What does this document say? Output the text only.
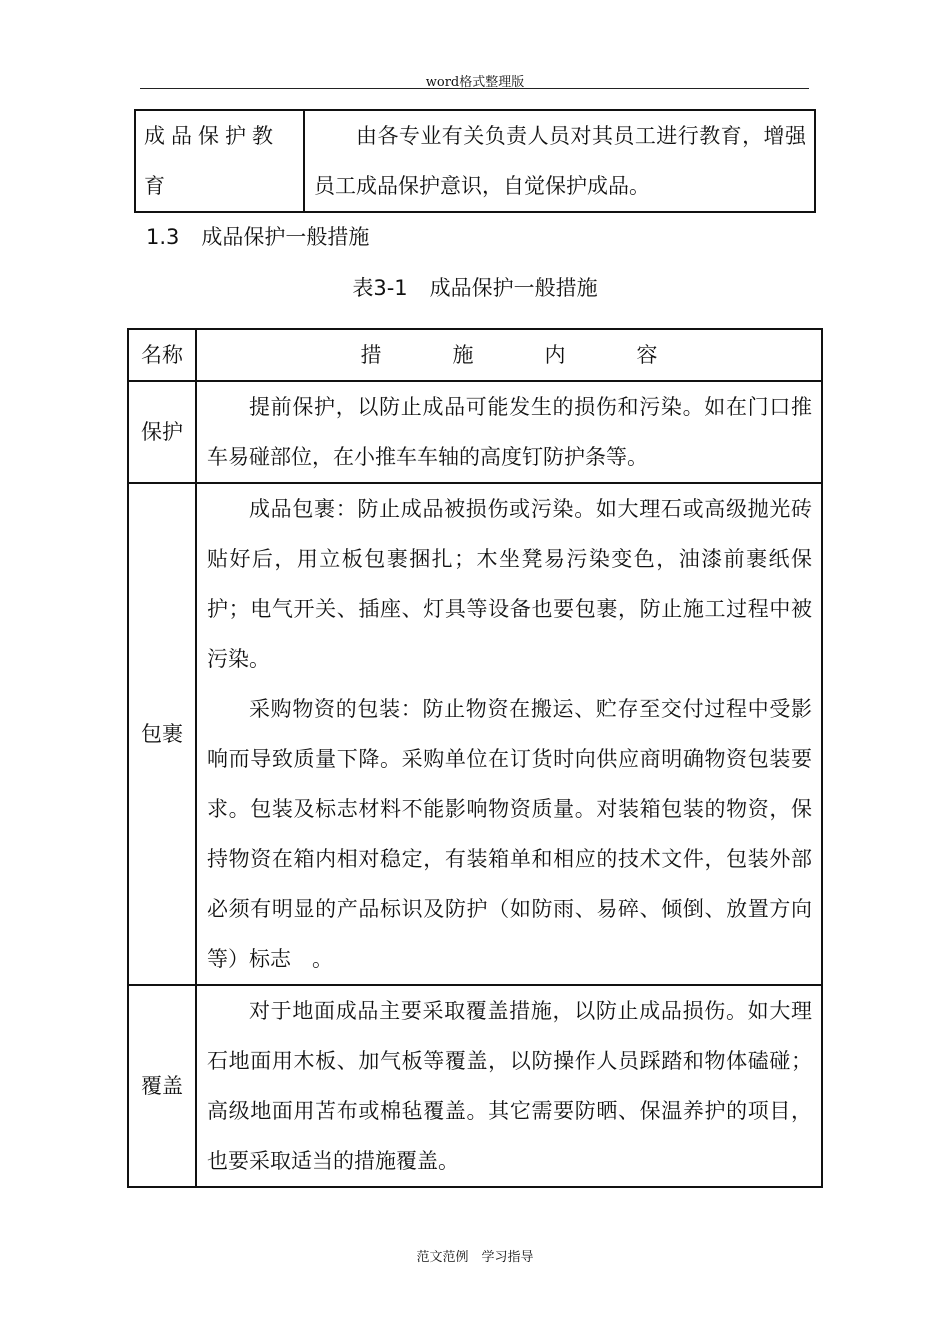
word格式整理版
成品保护教育	由各专业有关负责人员对其员工进行教育，增强员工成品保护意识，自觉保护成品。
1.3 成品保护一般措施
表3-1 成品保护一般措施
名称	措 施 内 容
保护	提前保护，以防止成品可能发生的损伤和污染。如在门口推车易碰部位，在小推车车轴的高度钉防护条等。

包裹	成品包裹：防止成品被损伤或污染。如大理石或高级抛光砖贴好后，用立板包裹捆扎；木坐凳易污染变色，油漆前裹纸保护；电气开关、插座、灯具等设备也要包裹，防止施工过程中被污染。

采购物资的包装：防止物资在搬运、贮存至交付过程中受影响而导致质量下降。采购单位在订货时向供应商明确物资包装要求。包装及标志材料不能影响物资质量。对装箱包装的物资，保持物资在箱内相对稳定，有装箱单和相应的技术文件，包装外部必须有明显的产品标识及防护（如防雨、易碎、倾倒、放置方向等）标志　。

覆盖	对于地面成品主要采取覆盖措施，以防止成品损伤。如大理石地面用木板、加气板等覆盖，以防操作人员踩踏和物体磕碰；高级地面用苫布或棉毡覆盖。其它需要防晒、保温养护的项目，也要采取适当的措施覆盖。

范文范例　学习指导
